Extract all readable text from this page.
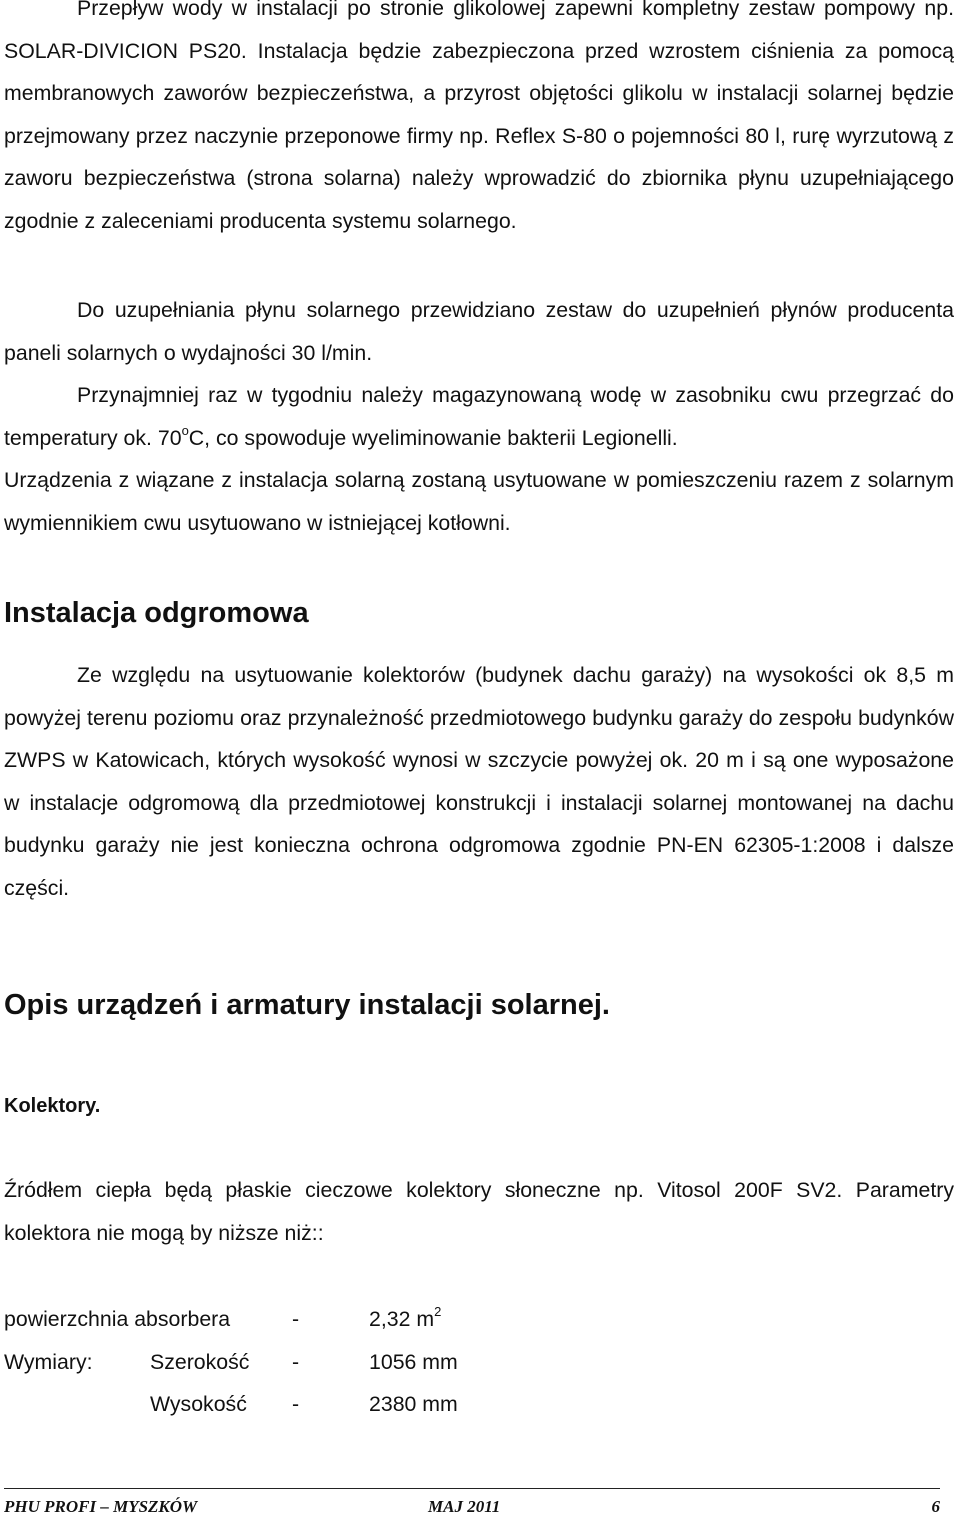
Przepływ wody w instalacji po stronie glikolowej zapewni kompletny zestaw pompowy np. SOLAR-DIVICION PS20. Instalacja będzie zabezpieczona przed wzrostem ciśnienia za pomocą membranowych zaworów bezpieczeństwa, a przyrost objętości glikolu w instalacji solarnej będzie przejmowany przez naczynie przeponowe firmy np. Reflex S-80 o pojemności 80 l, rurę wyrzutową z zaworu bezpieczeństwa (strona solarna) należy wprowadzić do zbiornika płynu uzupełniającego zgodnie z zaleceniami producenta systemu solarnego.

Do uzupełniania płynu solarnego przewidziano zestaw do uzupełnień płynów producenta paneli solarnych o wydajności 30 l/min.

Przynajmniej raz w tygodniu należy magazynowaną wodę w zasobniku cwu przegrzać do temperatury ok. 70$^o$C, co spowoduje wyeliminowanie bakterii Legionelli.

Urządzenia z wiązane z instalacja solarną zostaną usytuowane w pomieszczeniu razem z solarnym wymiennikiem cwu usytuowano w istniejącej kotłowni.

Instalacja odgromowa

Ze względu na usytuowanie kolektorów (budynek dachu garaży) na wysokości ok 8,5 m powyżej terenu poziomu oraz przynależność przedmiotowego budynku garaży do zespołu budynków ZWPS w Katowicach, których wysokość wynosi w szczycie powyżej ok. 20 m i są one wyposażone w instalacje odgromową dla przedmiotowej konstrukcji i instalacji solarnej montowanej na dachu budynku garaży nie jest konieczna ochrona odgromowa zgodnie PN-EN 62305-1:2008 i dalsze części.

Opis urządzeń i armatury instalacji solarnej.
Kolektory.

Źródłem ciepła będą płaskie cieczowe kolektory słoneczne np. Vitosol 200F SV2. Parametry kolektora nie mogą by niższe niż::

powierzchnia absorbera	-	2,32 $m^2$
Wymiary:	Szerokość -	1056 mm
Wysokość -	2380 mm
PHU PROFI – MYSZKÓW	MAJ 2011	6
